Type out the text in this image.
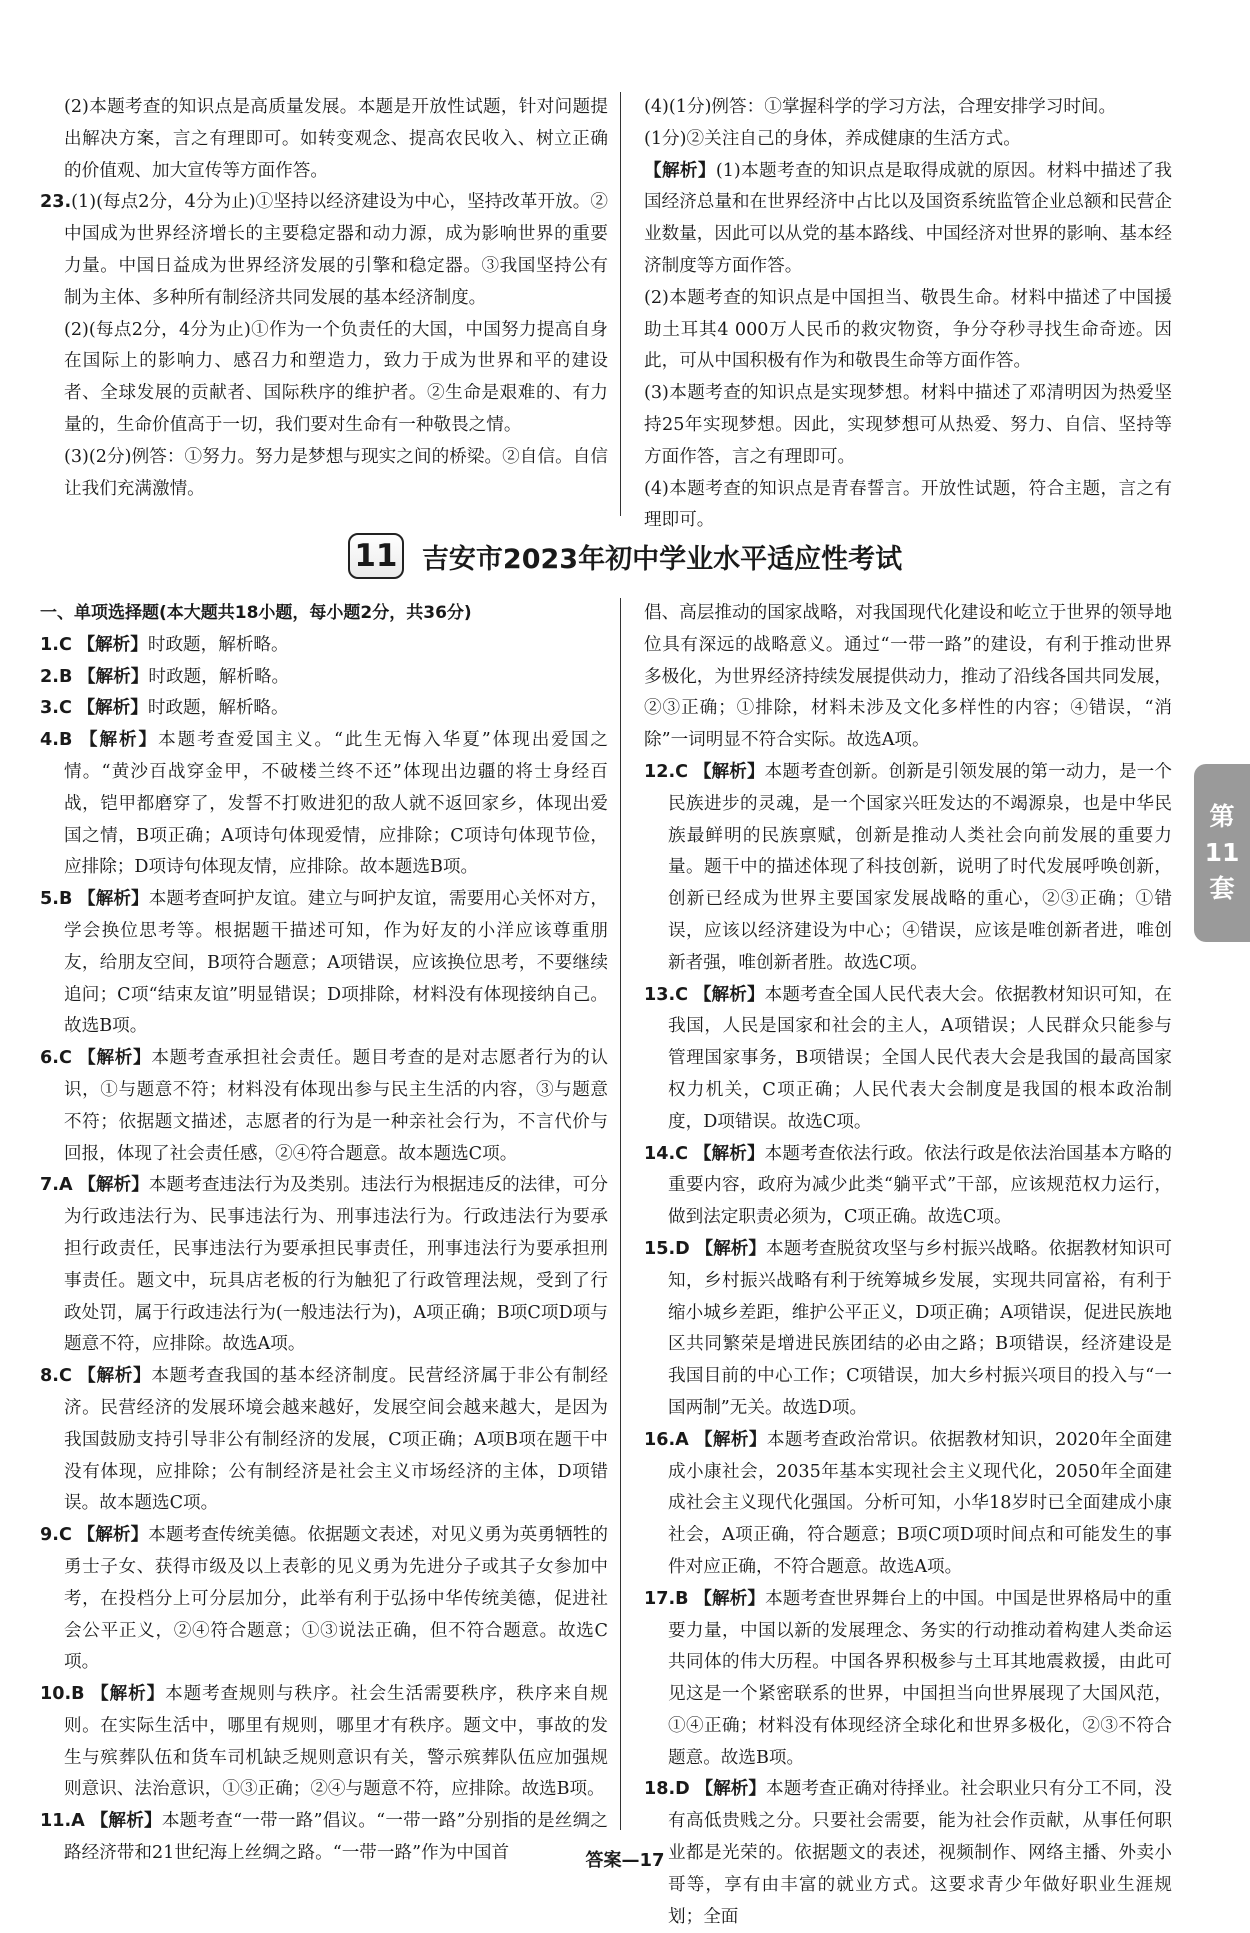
(2)本题考查的知识点是高质量发展。本题是开放性试题，针对问题提出解决方案，言之有理即可。如转变观念、提高农民收入、树立正确的价值观、加大宣传等方面作答。
23.(1)(每点2分，4分为止)①坚持以经济建设为中心，坚持改革开放。②中国成为世界经济增长的主要稳定器和动力源，成为影响世界的重要力量。中国日益成为世界经济发展的引擎和稳定器。③我国坚持公有制为主体、多种所有制经济共同发展的基本经济制度。
(2)(每点2分，4分为止)①作为一个负责任的大国，中国努力提高自身在国际上的影响力、感召力和塑造力，致力于成为世界和平的建设者、全球发展的贡献者、国际秩序的维护者。②生命是艰难的、有力量的，生命价值高于一切，我们要对生命有一种敬畏之情。
(3)(2分)例答：①努力。努力是梦想与现实之间的桥梁。②自信。自信让我们充满激情。
(4)(1分)例答：①掌握科学的学习方法，合理安排学习时间。
(1分)②关注自己的身体，养成健康的生活方式。
【解析】(1)本题考查的知识点是取得成就的原因。材料中描述了我国经济总量和在世界经济中占比以及国资系统监管企业总额和民营企业数量，因此可以从党的基本路线、中国经济对世界的影响、基本经济制度等方面作答。
(2)本题考查的知识点是中国担当、敬畏生命。材料中描述了中国援助土耳其4 000万人民币的救灾物资，争分夺秒寻找生命奇迹。因此，可从中国积极有作为和敬畏生命等方面作答。
(3)本题考查的知识点是实现梦想。材料中描述了邓清明因为热爱坚持25年实现梦想。因此，实现梦想可从热爱、努力、自信、坚持等方面作答，言之有理即可。
(4)本题考查的知识点是青春誓言。开放性试题，符合主题，言之有理即可。
11 吉安市2023年初中学业水平适应性考试
第
11
套
一、单项选择题(本大题共18小题，每小题2分，共36分)
1.C 【解析】时政题，解析略。
2.B 【解析】时政题，解析略。
3.C 【解析】时政题，解析略。
4.B 【解析】本题考查爱国主义。“此生无悔入华夏”体现出爱国之情。“黄沙百战穿金甲，不破楼兰终不还”体现出边疆的将士身经百战，铠甲都磨穿了，发誓不打败进犯的敌人就不返回家乡，体现出爱国之情，B项正确；A项诗句体现爱情，应排除；C项诗句体现节俭，应排除；D项诗句体现友情，应排除。故本题选B项。
5.B 【解析】本题考查呵护友谊。建立与呵护友谊，需要用心关怀对方，学会换位思考等。根据题干描述可知，作为好友的小洋应该尊重朋友，给朋友空间，B项符合题意；A项错误，应该换位思考，不要继续追问；C项“结束友谊”明显错误；D项排除，材料没有体现接纳自己。故选B项。
6.C 【解析】本题考查承担社会责任。题目考查的是对志愿者行为的认识，①与题意不符；材料没有体现出参与民主生活的内容，③与题意不符；依据题文描述，志愿者的行为是一种亲社会行为，不言代价与回报，体现了社会责任感，②④符合题意。故本题选C项。
7.A 【解析】本题考查违法行为及类别。违法行为根据违反的法律，可分为行政违法行为、民事违法行为、刑事违法行为。行政违法行为要承担行政责任，民事违法行为要承担民事责任，刑事违法行为要承担刑事责任。题文中，玩具店老板的行为触犯了行政管理法规，受到了行政处罚，属于行政违法行为(一般违法行为)，A项正确；B项C项D项与题意不符，应排除。故选A项。
8.C 【解析】本题考查我国的基本经济制度。民营经济属于非公有制经济。民营经济的发展环境会越来越好，发展空间会越来越大，是因为我国鼓励支持引导非公有制经济的发展，C项正确；A项B项在题干中没有体现，应排除；公有制经济是社会主义市场经济的主体，D项错误。故本题选C项。
9.C 【解析】本题考查传统美德。依据题文表述，对见义勇为英勇牺牲的勇士子女、获得市级及以上表彰的见义勇为先进分子或其子女参加中考，在投档分上可分层加分，此举有利于弘扬中华传统美德，促进社会公平正义，②④符合题意；①③说法正确，但不符合题意。故选C项。
10.B 【解析】本题考查规则与秩序。社会生活需要秩序，秩序来自规则。在实际生活中，哪里有规则，哪里才有秩序。题文中，事故的发生与殡葬队伍和货车司机缺乏规则意识有关，警示殡葬队伍应加强规则意识、法治意识，①③正确；②④与题意不符，应排除。故选B项。
11.A 【解析】本题考查“一带一路”倡议。“一带一路”分别指的是丝绸之路经济带和21世纪海上丝绸之路。“一带一路”作为中国首
倡、高层推动的国家战略，对我国现代化建设和屹立于世界的领导地位具有深远的战略意义。通过“一带一路”的建设，有利于推动世界多极化，为世界经济持续发展提供动力，推动了沿线各国共同发展，②③正确；①排除，材料未涉及文化多样性的内容；④错误，“消除”一词明显不符合实际。故选A项。
12.C 【解析】本题考查创新。创新是引领发展的第一动力，是一个民族进步的灵魂，是一个国家兴旺发达的不竭源泉，也是中华民族最鲜明的民族禀赋，创新是推动人类社会向前发展的重要力量。题干中的描述体现了科技创新，说明了时代发展呼唤创新，创新已经成为世界主要国家发展战略的重心，②③正确；①错误，应该以经济建设为中心；④错误，应该是唯创新者进，唯创新者强，唯创新者胜。故选C项。
13.C 【解析】本题考查全国人民代表大会。依据教材知识可知，在我国，人民是国家和社会的主人，A项错误；人民群众只能参与管理国家事务，B项错误；全国人民代表大会是我国的最高国家权力机关，C项正确；人民代表大会制度是我国的根本政治制度，D项错误。故选C项。
14.C 【解析】本题考查依法行政。依法行政是依法治国基本方略的重要内容，政府为减少此类“躺平式”干部，应该规范权力运行，做到法定职责必须为，C项正确。故选C项。
15.D 【解析】本题考查脱贫攻坚与乡村振兴战略。依据教材知识可知，乡村振兴战略有利于统筹城乡发展，实现共同富裕，有利于缩小城乡差距，维护公平正义，D项正确；A项错误，促进民族地区共同繁荣是增进民族团结的必由之路；B项错误，经济建设是我国目前的中心工作；C项错误，加大乡村振兴项目的投入与“一国两制”无关。故选D项。
16.A 【解析】本题考查政治常识。依据教材知识，2020年全面建成小康社会，2035年基本实现社会主义现代化，2050年全面建成社会主义现代化强国。分析可知，小华18岁时已全面建成小康社会，A项正确，符合题意；B项C项D项时间点和可能发生的事件对应正确，不符合题意。故选A项。
17.B 【解析】本题考查世界舞台上的中国。中国是世界格局中的重要力量，中国以新的发展理念、务实的行动推动着构建人类命运共同体的伟大历程。中国各界积极参与土耳其地震救援，由此可见这是一个紧密联系的世界，中国担当向世界展现了大国风范，①④正确；材料没有体现经济全球化和世界多极化，②③不符合题意。故选B项。
18.D 【解析】本题考查正确对待择业。社会职业只有分工不同，没有高低贵贱之分。只要社会需要，能为社会作贡献，从事任何职业都是光荣的。依据题文的表述，视频制作、网络主播、外卖小哥等，享有由丰富的就业方式。这要求青少年做好职业生涯规划；全面
答案—17
